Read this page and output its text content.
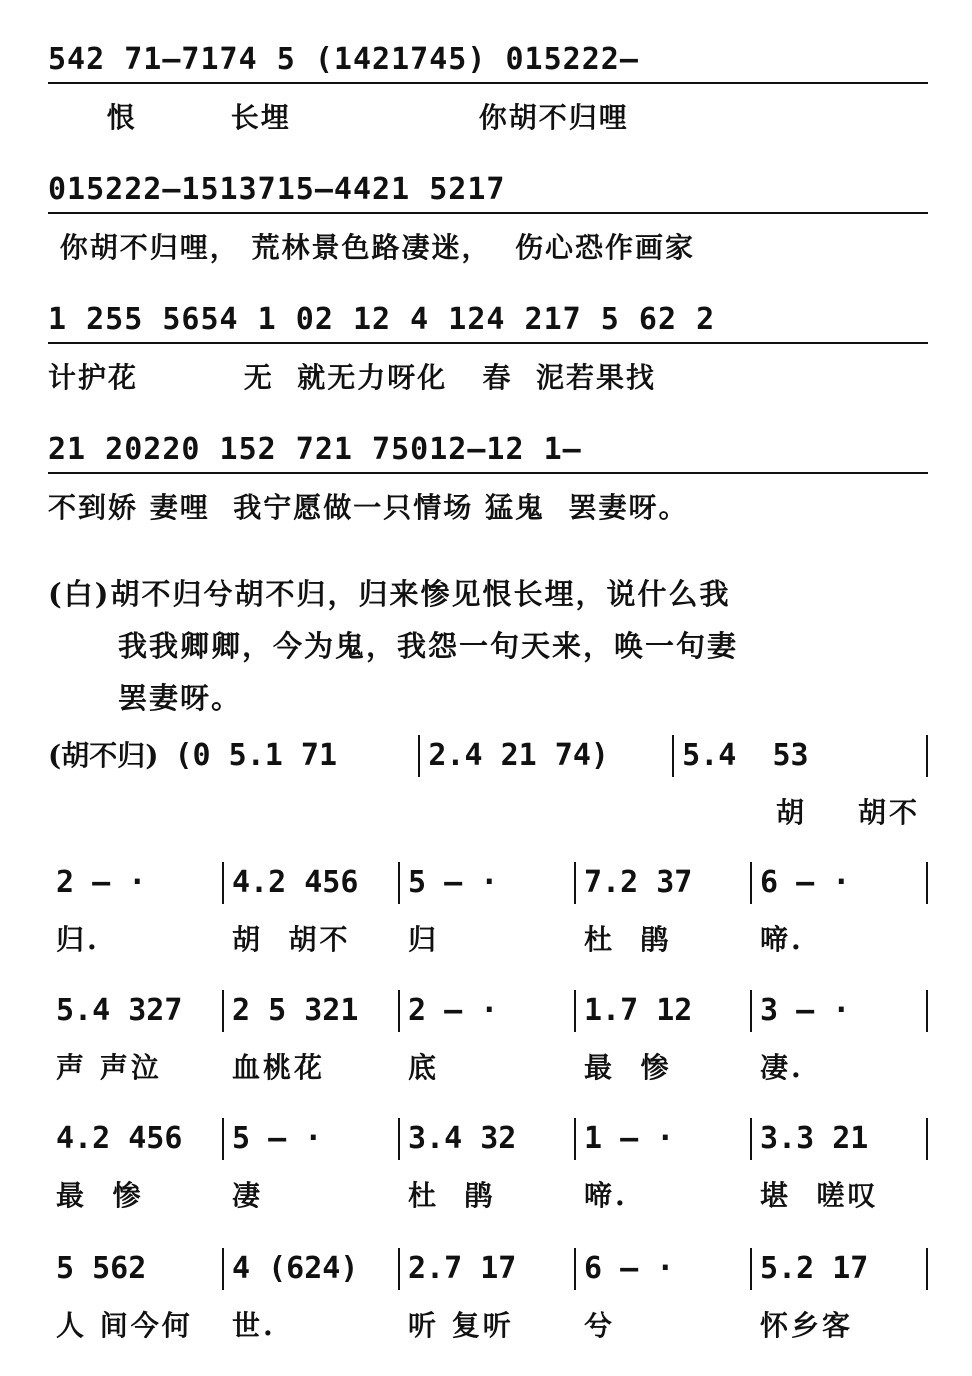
542 71—7174 5 (1421745) 015222—
恨        长埋                你胡不归哩
015222—1513715—4421 5217
你胡不归哩， 荒林景色路凄迷，  伤心恐作画家
1 255 5654 1 02 12 4 124 217 5 62 2
计护花         无  就无力呀化   春  泥若果找
21 20220 152 721 75012—12 1—
不到娇 妻哩  我宁愿做一只情场 猛鬼  罢妻呀。
(白)胡不归兮胡不归，归来惨见恨长埋，说什么我
我我卿卿，今为鬼，我怨一句天来，唤一句妻
罢妻呀。
(胡不归) (0 5.1 71	2.4 21 74)	5.4  53
胡    胡不
2 — ·	4.2 456	5 — ·	7.2 37	6 — ·
归.	胡  胡不	归	杜  鹃	啼.
5.4 327	2 5 321	2 — ·	1.7 12	3 — ·
声 声泣	血桃花	底	最  惨	凄.
4.2 456	5 — ·	3.4 32	1 — ·	3.3 21
最  惨	凄	杜  鹃	啼.	堪  嗟叹
5 562	4 (624)	2.7 17	6 — ·	5.2 17
人 间今何	世.	听 复听	兮	怀乡客
